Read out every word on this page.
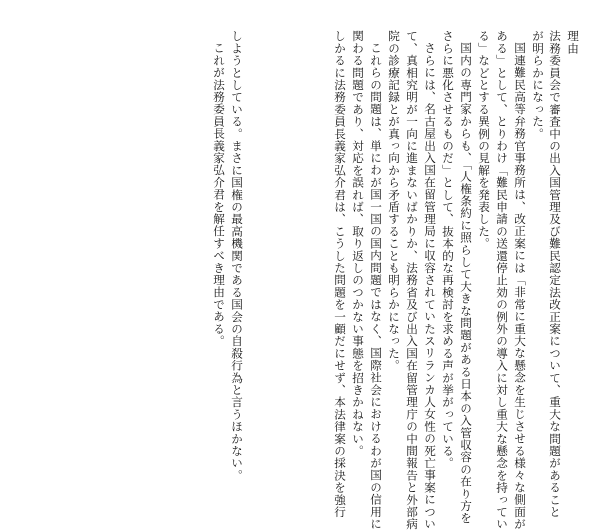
理由
法務委員会で審査中の出入国管理及び難民認定法改正案について、重大な問題があること
が明らかになった。
国連難民高等弁務官事務所は、改正案には「非常に重大な懸念を生じさせる様々な側面が
ある」として、とりわけ「難民申請の送還停止効の例外の導入に対し重大な懸念を持ってい
る」などとする異例の見解を発表した。
国内の専門家からも、「人権条約に照らして大きな問題がある日本の入管収容の在り方を
さらに悪化させるものだ」として、抜本的な再検討を求める声が挙がっている。
さらには、名古屋出入国在留管理局に収容されていたスリランカ人女性の死亡事案につい
て、真相究明が一向に進まないばかりか、法務省及び出入国在留管理庁の中間報告と外部病
院の診療記録とが真っ向から矛盾することも明らかになった。
これらの問題は、単にわが国一国の国内問題ではなく、国際社会におけるわが国の信用に
関わる問題であり、対応を誤れば、取り返しのつかない事態を招きかねない。
しかるに法務委員長義家弘介君は、こうした問題を一顧だにせず、本法律案の採決を強行
しようとしている。まさに国権の最高機関である国会の自殺行為と言うほかない。
これが法務委員長義家弘介君を解任すべき理由である。
